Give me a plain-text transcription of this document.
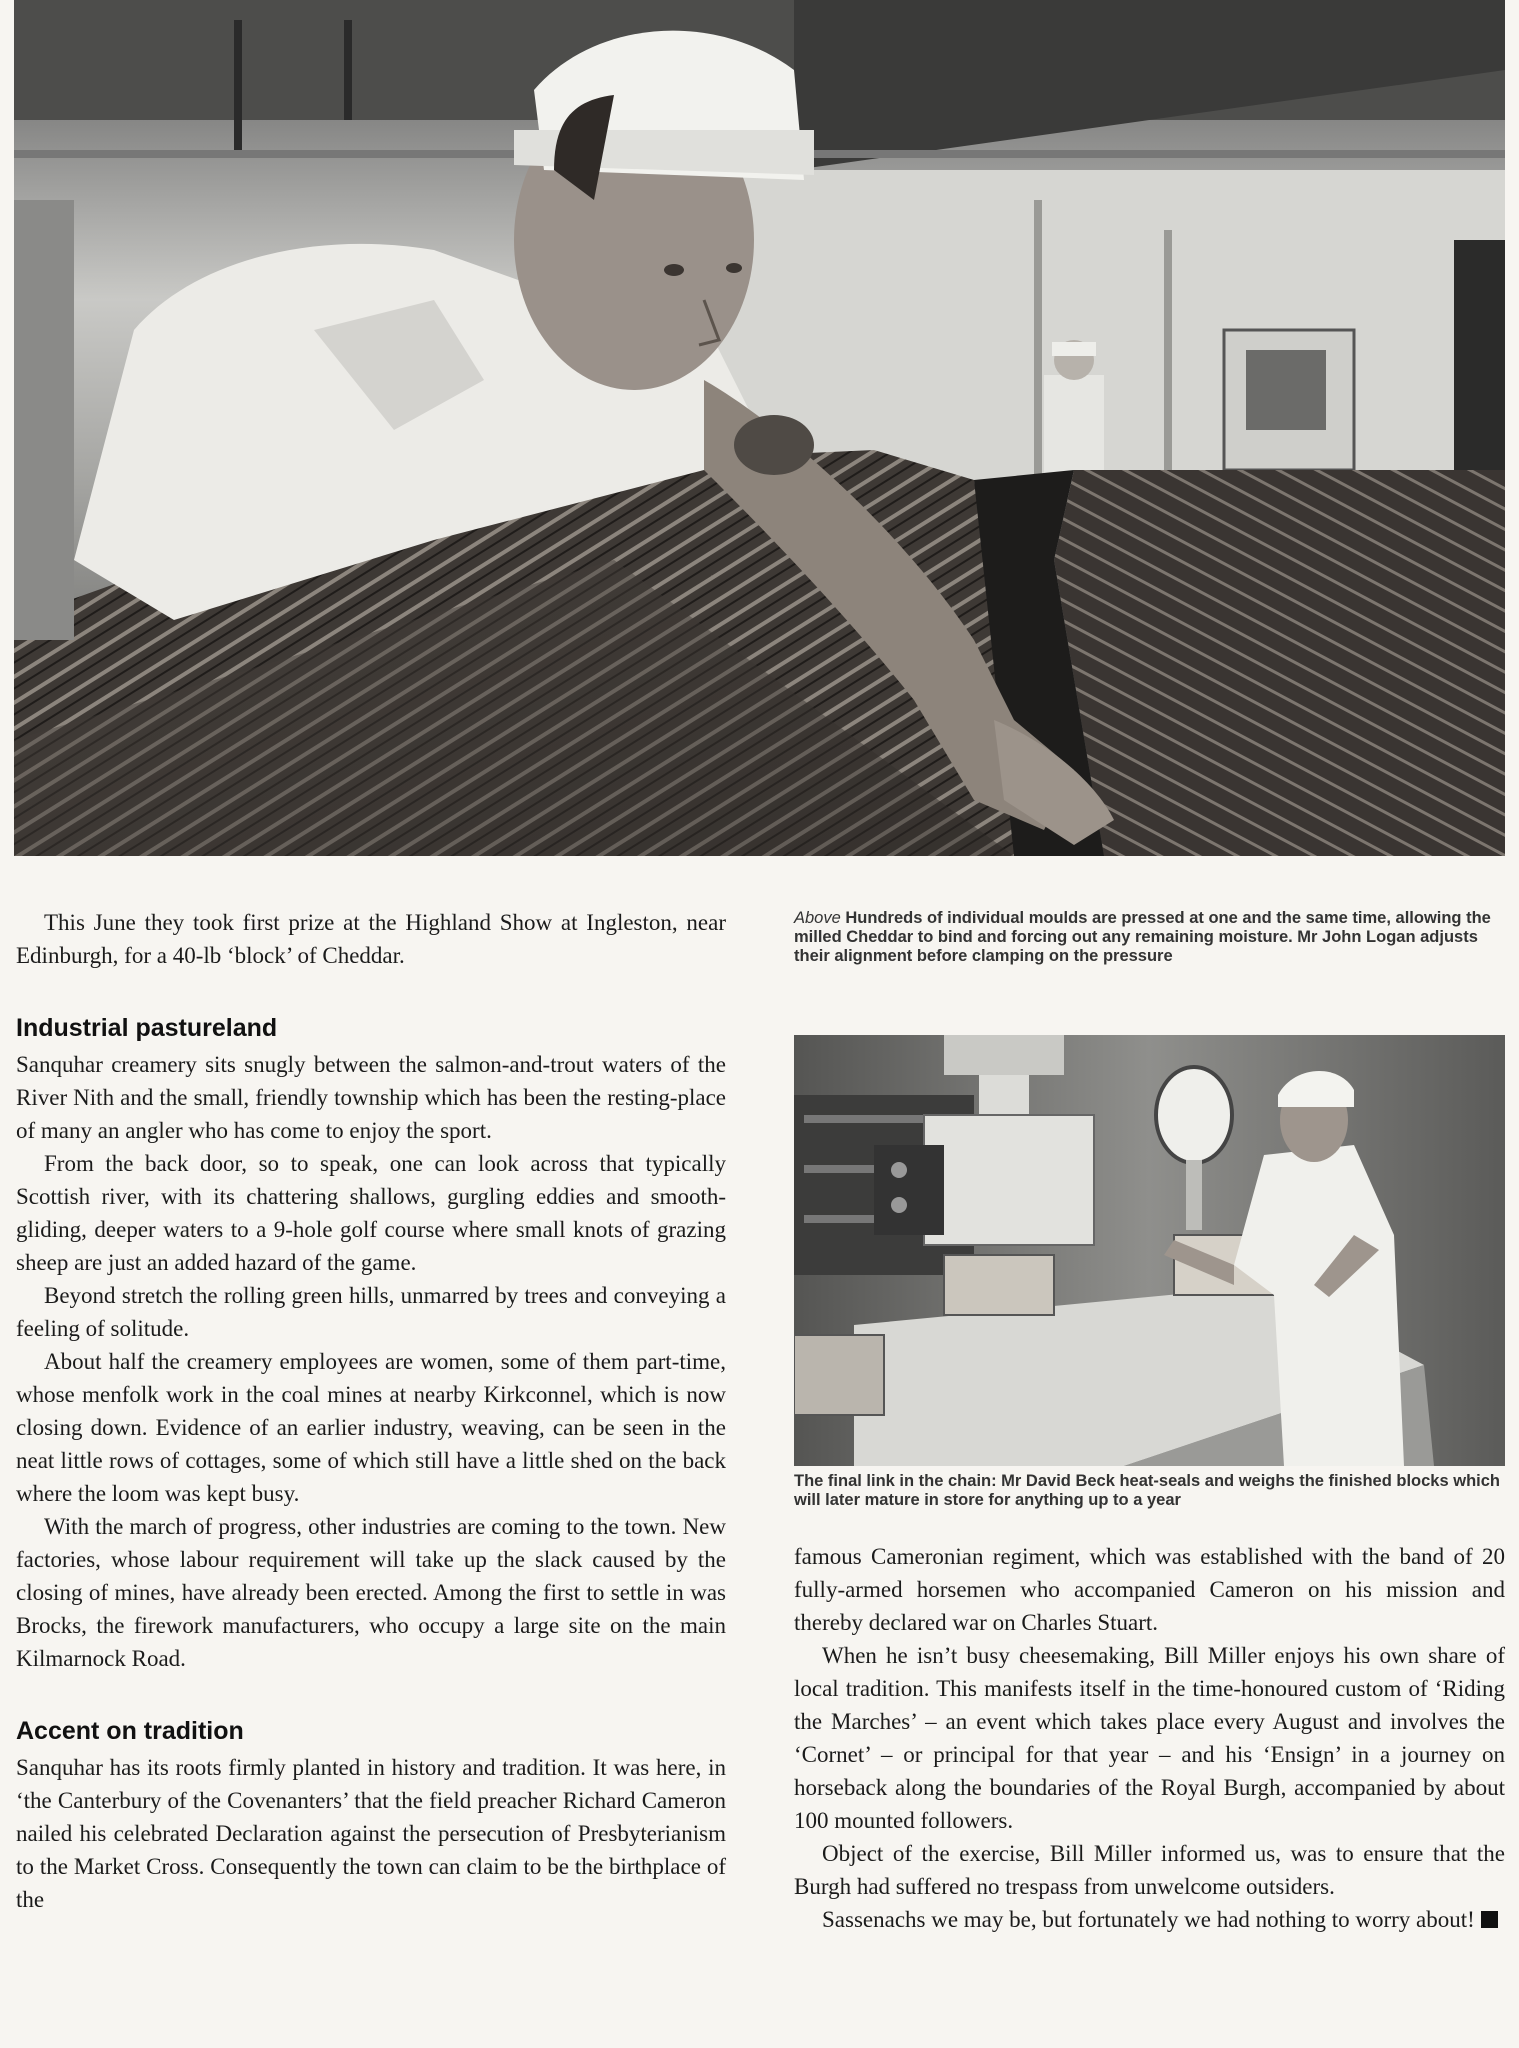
Above Hundreds of individual moulds are pressed at one and the same time, allowing the milled Cheddar to bind and forcing out any remaining moisture. Mr John Logan adjusts their alignment before clamping on the pressure
The final link in the chain: Mr David Beck heat-seals and weighs the finished blocks which will later mature in store for anything up to a year

This June they took first prize at the Highland Show at Ingleston, near Edinburgh, for a 40-lb ‘block’ of Cheddar.

Industrial pastureland

Sanquhar creamery sits snugly between the salmon-and-trout waters of the River Nith and the small, friendly township which has been the resting-place of many an angler who has come to enjoy the sport.

From the back door, so to speak, one can look across that typically Scottish river, with its chattering shallows, gurgling eddies and smooth-gliding, deeper waters to a 9-hole golf course where small knots of grazing sheep are just an added hazard of the game.

Beyond stretch the rolling green hills, unmarred by trees and conveying a feeling of solitude.

About half the creamery employees are women, some of them part-time, whose menfolk work in the coal mines at nearby Kirkconnel, which is now closing down. Evidence of an earlier industry, weaving, can be seen in the neat little rows of cottages, some of which still have a little shed on the back where the loom was kept busy.

With the march of progress, other industries are coming to the town. New factories, whose labour requirement will take up the slack caused by the closing of mines, have already been erected. Among the first to settle in was Brocks, the firework manufacturers, who occupy a large site on the main Kilmarnock Road.

Accent on tradition

Sanquhar has its roots firmly planted in history and tradition. It was here, in ‘the Canterbury of the Covenanters’ that the field preacher Richard Cameron nailed his celebrated Declaration against the persecution of Presbyterianism to the Market Cross. Consequently the town can claim to be the birthplace of the

famous Cameronian regiment, which was established with the band of 20 fully-armed horsemen who accompanied Cameron on his mission and thereby declared war on Charles Stuart.

When he isn’t busy cheesemaking, Bill Miller enjoys his own share of local tradition. This manifests itself in the time-honoured custom of ‘Riding the Marches’ – an event which takes place every August and involves the ‘Cornet’ – or principal for that year – and his ‘Ensign’ in a journey on horseback along the boundaries of the Royal Burgh, accompanied by about 100 mounted followers.

Object of the exercise, Bill Miller informed us, was to ensure that the Burgh had suffered no trespass from unwelcome outsiders.

Sassenachs we may be, but fortunately we had nothing to worry about!
